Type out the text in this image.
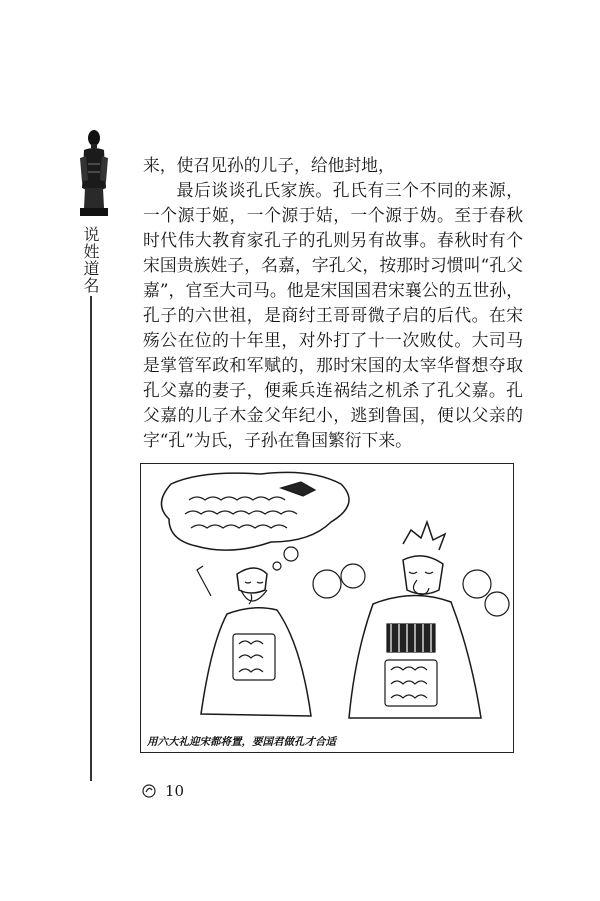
说姓道名

来，使召见孙的儿子，给他封地，

最后谈谈孔氏家族。孔氏有三个不同的来源，一个源于姬，一个源于姞，一个源于妫。至于春秋时代伟大教育家孔子的孔则另有故事。春秋时有个宋国贵族姓子，名嘉，字孔父，按那时习惯叫“孔父嘉”，官至大司马。他是宋国国君宋襄公的五世孙，孔子的六世祖，是商纣王哥哥微子启的后代。在宋殇公在位的十年里，对外打了十一次败仗。大司马是掌管军政和军赋的，那时宋国的太宰华督想夺取孔父嘉的妻子，便乘兵连祸结之机杀了孔父嘉。孔父嘉的儿子木金父年纪小，逃到鲁国，便以父亲的字“孔”为氏，子孙在鲁国繁衍下来。

用六大礼迎宋都将置，要国君做孔才合适
10
